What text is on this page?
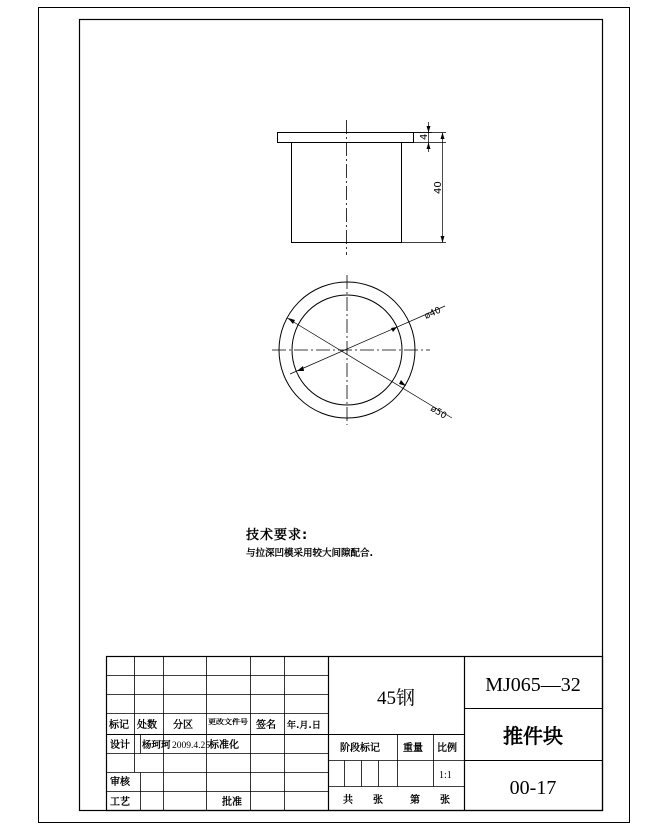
4
40
ø40
ø50
技术要求:
与拉深凹模采用较大间隙配合.
标记 处数 分区 更改文件号	签名 年.月.日
设计 杨珂珂 2009.4.25 标准化
审核
工艺	批准
45钢
阶段标记 重量 比例
1:1
共　　张	第　　张
MJ065—32
推件块
00-17
